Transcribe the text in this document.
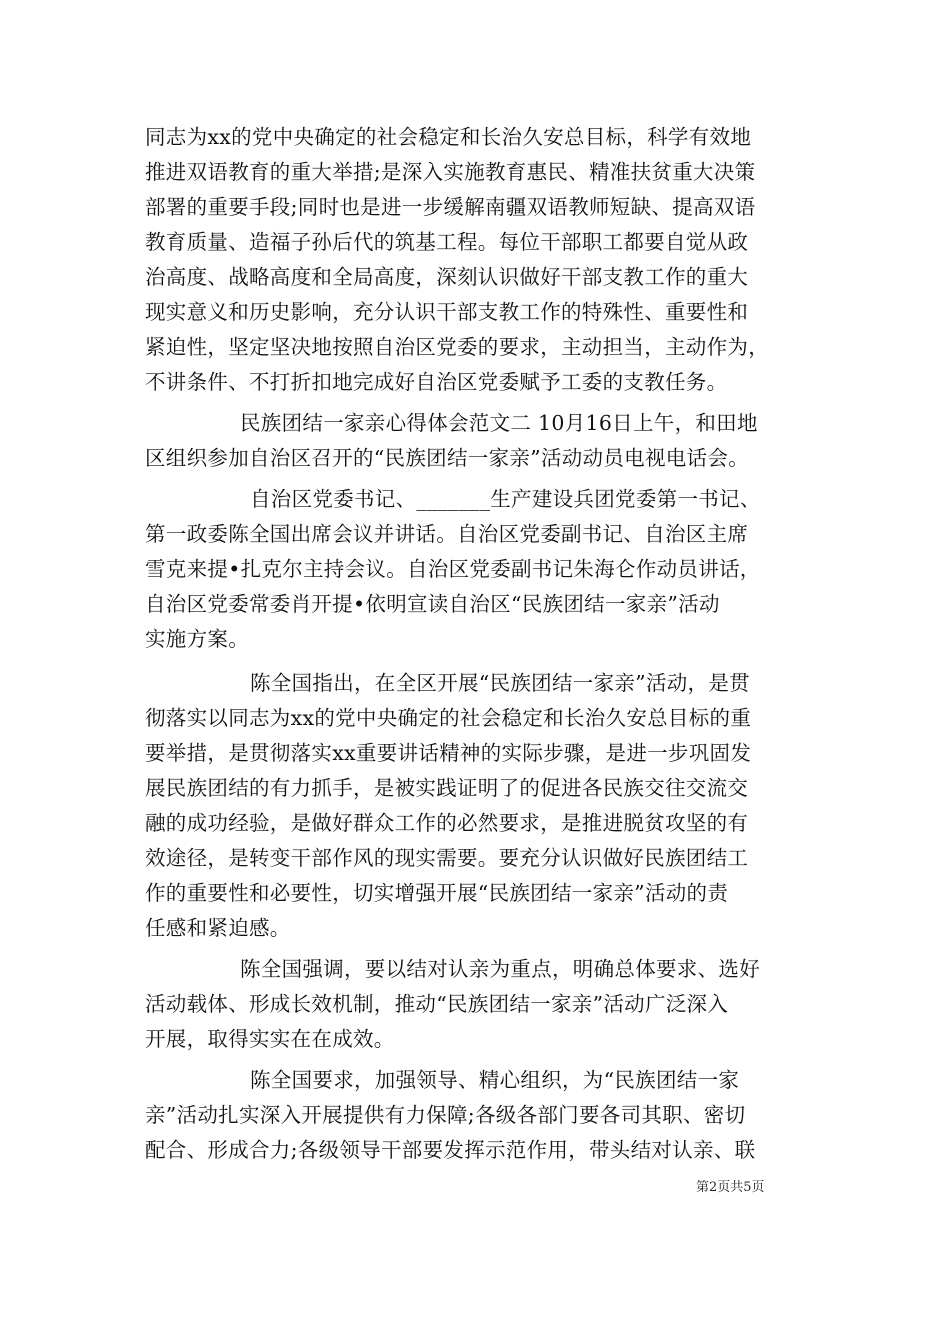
同志为xx的党中央确定的社会稳定和长治久安总目标，科学有效地
推进双语教育的重大举措;是深入实施教育惠民、精准扶贫重大决策
部署的重要手段;同时也是进一步缓解南疆双语教师短缺、提高双语
教育质量、造福子孙后代的筑基工程。每位干部职工都要自觉从政
治高度、战略高度和全局高度，深刻认识做好干部支教工作的重大
现实意义和历史影响，充分认识干部支教工作的特殊性、重要性和
紧迫性，坚定坚决地按照自治区党委的要求，主动担当，主动作为，
不讲条件、不打折扣地完成好自治区党委赋予工委的支教任务。
民族团结一家亲心得体会范文二 10月16日上午，和田地
区组织参加自治区召开的“民族团结一家亲”活动动员电视电话会。
自治区党委书记、_______生产建设兵团党委第一书记、
第一政委陈全国出席会议并讲话。自治区党委副书记、自治区主席
雪克来提•扎克尔主持会议。自治区党委副书记朱海仑作动员讲话，
自治区党委常委肖开提•依明宣读自治区“民族团结一家亲”活动
实施方案。
陈全国指出，在全区开展“民族团结一家亲”活动，是贯
彻落实以同志为xx的党中央确定的社会稳定和长治久安总目标的重
要举措，是贯彻落实xx重要讲话精神的实际步骤，是进一步巩固发
展民族团结的有力抓手，是被实践证明了的促进各民族交往交流交
融的成功经验，是做好群众工作的必然要求，是推进脱贫攻坚的有
效途径，是转变干部作风的现实需要。要充分认识做好民族团结工
作的重要性和必要性，切实增强开展“民族团结一家亲”活动的责
任感和紧迫感。
陈全国强调，要以结对认亲为重点，明确总体要求、选好
活动载体、形成长效机制，推动“民族团结一家亲”活动广泛深入
开展，取得实实在在成效。
陈全国要求，加强领导、精心组织，为“民族团结一家
亲”活动扎实深入开展提供有力保障;各级各部门要各司其职、密切
配合、形成合力;各级领导干部要发挥示范作用，带头结对认亲、联
第2页共5页
